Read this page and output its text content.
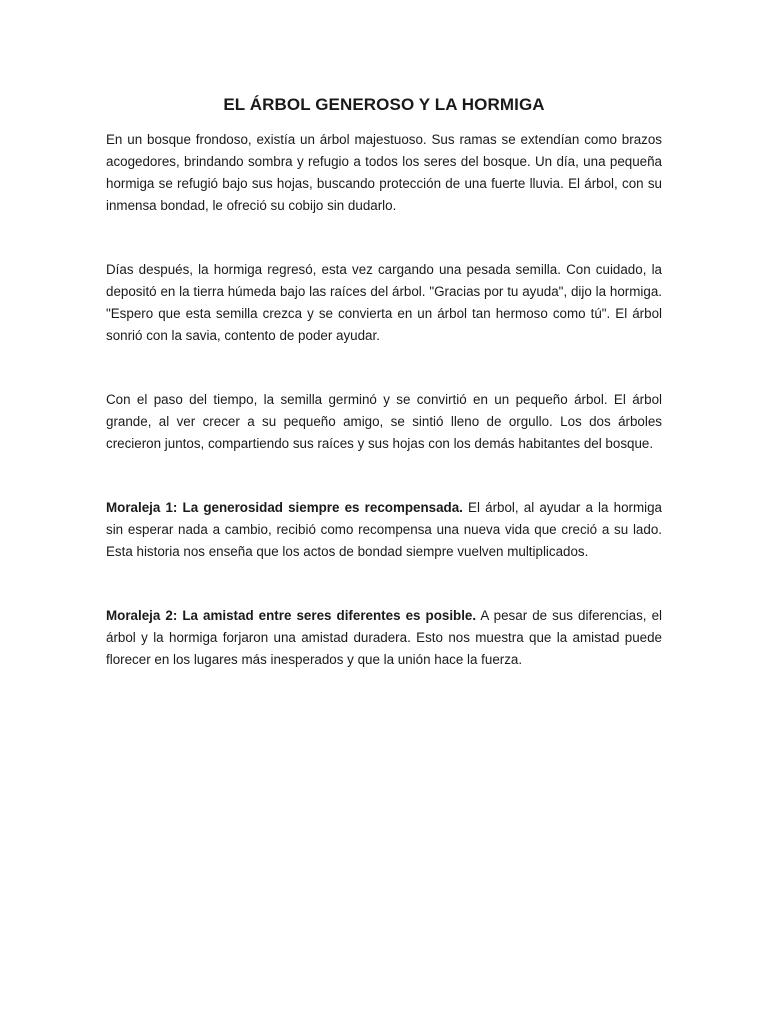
EL ÁRBOL GENEROSO Y LA HORMIGA

En un bosque frondoso, existía un árbol majestuoso. Sus ramas se extendían como brazos acogedores, brindando sombra y refugio a todos los seres del bosque. Un día, una pequeña hormiga se refugió bajo sus hojas, buscando protección de una fuerte lluvia. El árbol, con su inmensa bondad, le ofreció su cobijo sin dudarlo.

Días después, la hormiga regresó, esta vez cargando una pesada semilla. Con cuidado, la depositó en la tierra húmeda bajo las raíces del árbol. "Gracias por tu ayuda", dijo la hormiga. "Espero que esta semilla crezca y se convierta en un árbol tan hermoso como tú". El árbol sonrió con la savia, contento de poder ayudar.

Con el paso del tiempo, la semilla germinó y se convirtió en un pequeño árbol. El árbol grande, al ver crecer a su pequeño amigo, se sintió lleno de orgullo. Los dos árboles crecieron juntos, compartiendo sus raíces y sus hojas con los demás habitantes del bosque.

Moraleja 1: La generosidad siempre es recompensada. El árbol, al ayudar a la hormiga sin esperar nada a cambio, recibió como recompensa una nueva vida que creció a su lado. Esta historia nos enseña que los actos de bondad siempre vuelven multiplicados.

Moraleja 2: La amistad entre seres diferentes es posible. A pesar de sus diferencias, el árbol y la hormiga forjaron una amistad duradera. Esto nos muestra que la amistad puede florecer en los lugares más inesperados y que la unión hace la fuerza.
